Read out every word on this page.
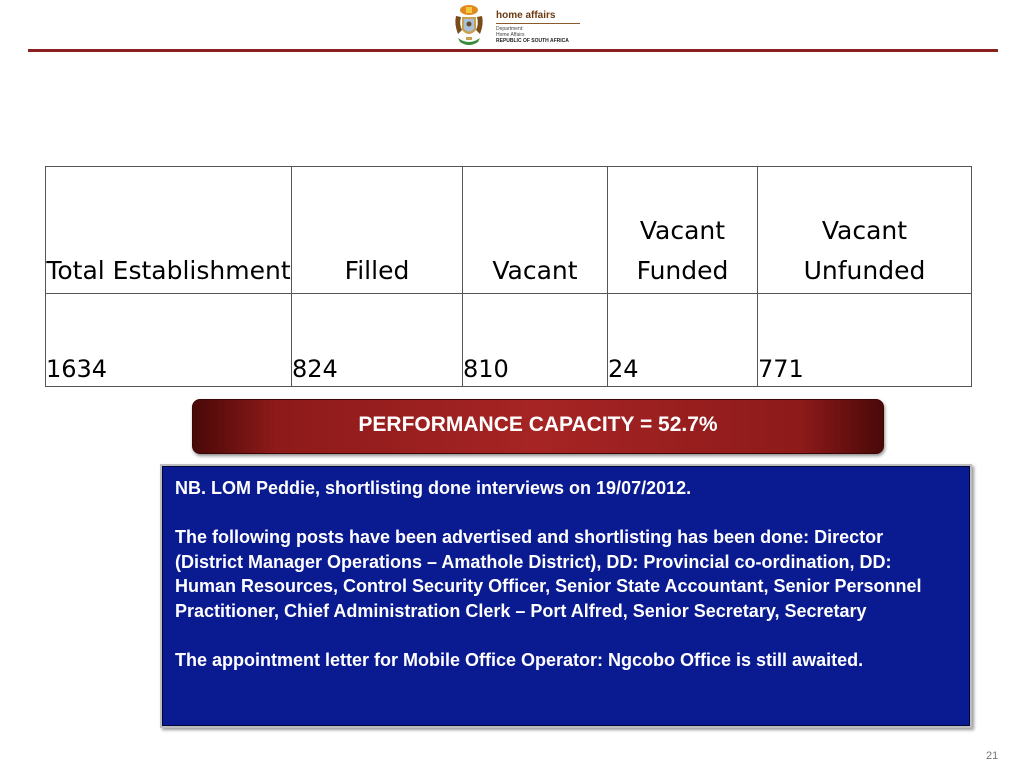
home affairs
Department:
Home Affairs
REPUBLIC OF SOUTH AFRICA
Total Establishment	Filled	Vacant	Vacant Funded	Vacant Unfunded
1634	824	810	24	771
PERFORMANCE CAPACITY = 52.7%

NB. LOM Peddie, shortlisting done interviews on 19/07/2012.

The following posts have been advertised and shortlisting has been done: Director (District Manager Operations – Amathole District), DD: Provincial co-ordination, DD: Human Resources, Control Security Officer, Senior State Accountant, Senior Personnel Practitioner, Chief Administration Clerk – Port Alfred, Senior Secretary, Secretary

The appointment letter for Mobile Office Operator: Ngcobo Office is still awaited.

21
